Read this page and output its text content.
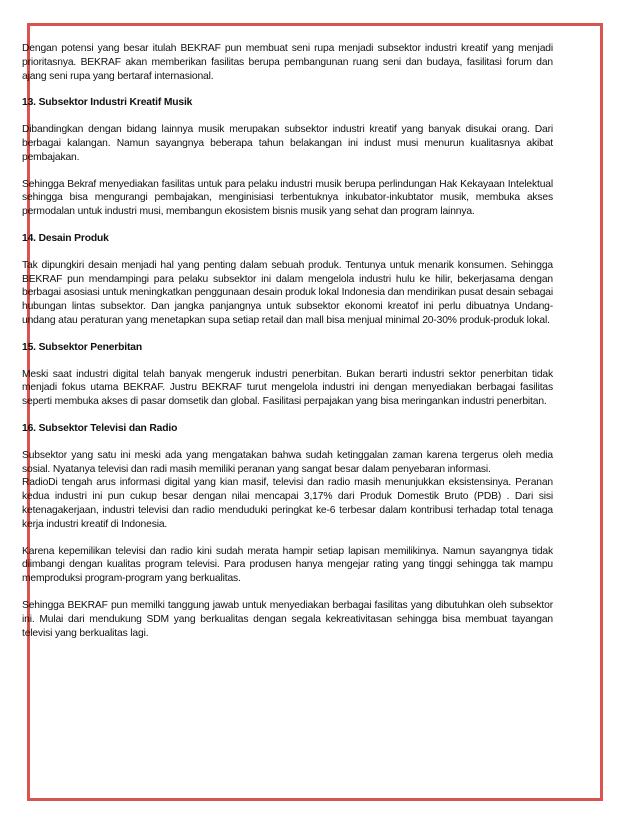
Dengan potensi yang besar itulah BEKRAF pun membuat seni rupa menjadi subsektor industri kreatif yang menjadi prioritasnya. BEKRAF akan memberikan fasilitas berupa pembangunan ruang seni dan budaya, fasilitasi forum dan ajang seni rupa yang bertaraf internasional.

13. Subsektor Industri Kreatif Musik

Dibandingkan dengan bidang lainnya musik merupakan subsektor industri kreatif yang banyak disukai orang. Dari berbagai kalangan. Namun sayangnya beberapa tahun belakangan ini indust musi menurun kualitasnya akibat pembajakan.

Sehingga Bekraf menyediakan fasilitas untuk para pelaku industri musik berupa perlindungan Hak Kekayaan Intelektual sehingga bisa mengurangi pembajakan, menginisiasi terbentuknya inkubator-inkubtator musik, membuka akses permodalan untuk industri musi, membangun ekosistem bisnis musik yang sehat dan program lainnya.

14. Desain Produk

Tak dipungkiri desain menjadi hal yang penting dalam sebuah produk. Tentunya untuk menarik konsumen. Sehingga BEKRAF pun mendampingi para pelaku subsektor ini dalam mengelola industri hulu ke hilir, bekerjasama dengan berbagai asosiasi untuk meningkatkan penggunaan desain produk lokal Indonesia dan mendirikan pusat desain sebagai hubungan lintas subsektor. Dan jangka panjangnya untuk subsektor ekonomi kreatof ini perlu dibuatnya Undang-undang atau peraturan yang menetapkan supa setiap retail dan mall bisa menjual minimal 20-30% produk-produk lokal.

15. Subsektor Penerbitan

Meski saat industri digital telah banyak mengeruk industri penerbitan. Bukan berarti industri sektor penerbitan tidak menjadi fokus utama BEKRAF. Justru BEKRAF turut mengelola industri ini dengan menyediakan berbagai fasilitas seperti membuka akses di pasar domsetik dan global. Fasilitasi perpajakan yang bisa meringankan industri penerbitan.

16. Subsektor Televisi dan Radio

Subsektor yang satu ini meski ada yang mengatakan bahwa sudah ketinggalan zaman karena tergerus oleh media sosial. Nyatanya televisi dan radi masih memiliki peranan yang sangat besar dalam penyebaran informasi.

RadioDi tengah arus informasi digital yang kian masif, televisi dan radio masih menunjukkan eksistensinya. Peranan kedua industri ini pun cukup besar dengan nilai mencapai 3,17% dari Produk Domestik Bruto (PDB) . Dari sisi ketenagakerjaan, industri televisi dan radio menduduki peringkat ke-6 terbesar dalam kontribusi terhadap total tenaga kerja industri kreatif di Indonesia.

Karena kepemilikan televisi dan radio kini sudah merata hampir setiap lapisan memilikinya. Namun sayangnya tidak diimbangi dengan kualitas program televisi. Para produsen hanya mengejar rating yang tinggi sehingga tak mampu memproduksi program-program yang berkualitas.

Sehingga BEKRAF pun memilki tanggung jawab untuk menyediakan berbagai fasilitas yang dibutuhkan oleh subsektor ini. Mulai dari mendukung SDM yang berkualitas dengan segala kekreativitasan sehingga bisa membuat tayangan televisi yang berkualitas lagi.
